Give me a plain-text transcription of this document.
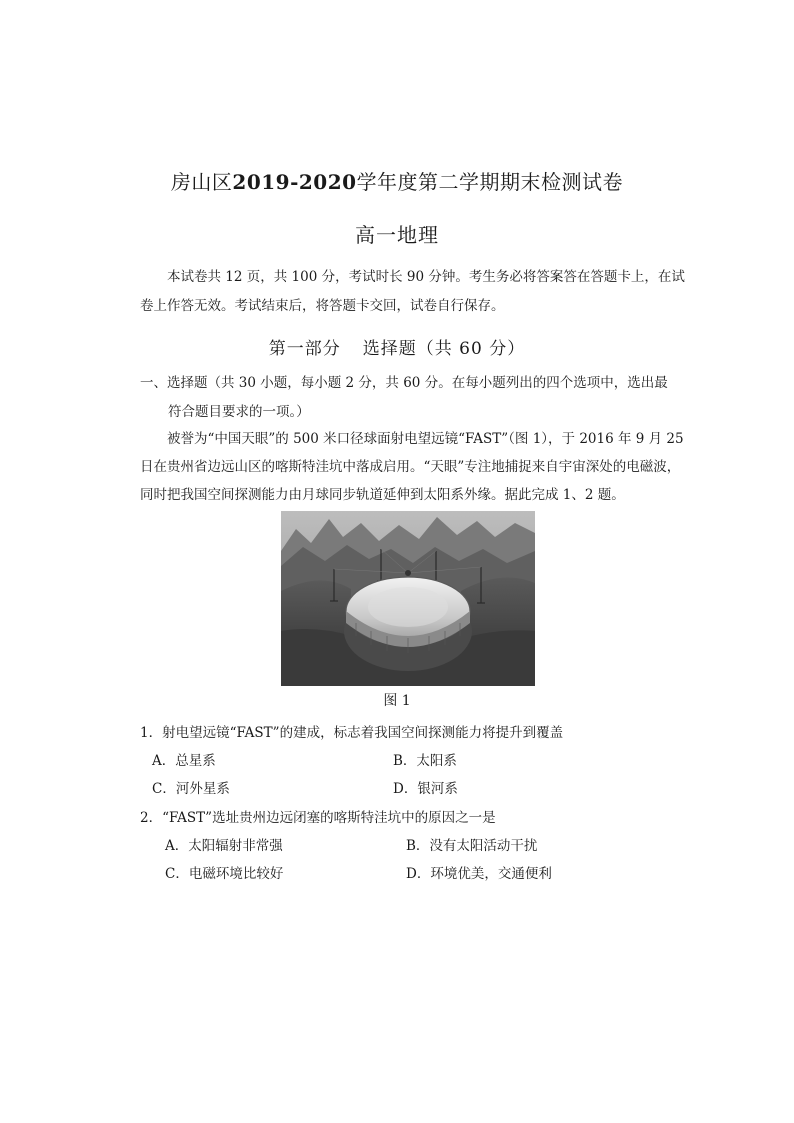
房山区2019-2020学年度第二学期期末检测试卷
高一地理
本试卷共 12 页，共 100 分，考试时长 90 分钟。考生务必将答案答在答题卡上，在试卷上作答无效。考试结束后，将答题卡交回，试卷自行保存。
第一部分 选择题（共 60 分）
一、选择题（共 30 小题，每小题 2 分，共 60 分。在每小题列出的四个选项中，选出最
符合题目要求的一项。）
被誉为“中国天眼”的 500 米口径球面射电望远镜“FAST”（图 1），于 2016 年 9 月 25 日在贵州省边远山区的喀斯特洼坑中落成启用。“天眼”专注地捕捉来自宇宙深处的电磁波，同时把我国空间探测能力由月球同步轨道延伸到太阳系外缘。据此完成 1、2 题。
图 1
1．射电望远镜“FAST”的建成，标志着我国空间探测能力将提升到覆盖
A．总星系	B．太阳系
C．河外星系	D．银河系
2．“FAST”选址贵州边远闭塞的喀斯特洼坑中的原因之一是
A．太阳辐射非常强	B．没有太阳活动干扰
C．电磁环境比较好	D．环境优美，交通便利
